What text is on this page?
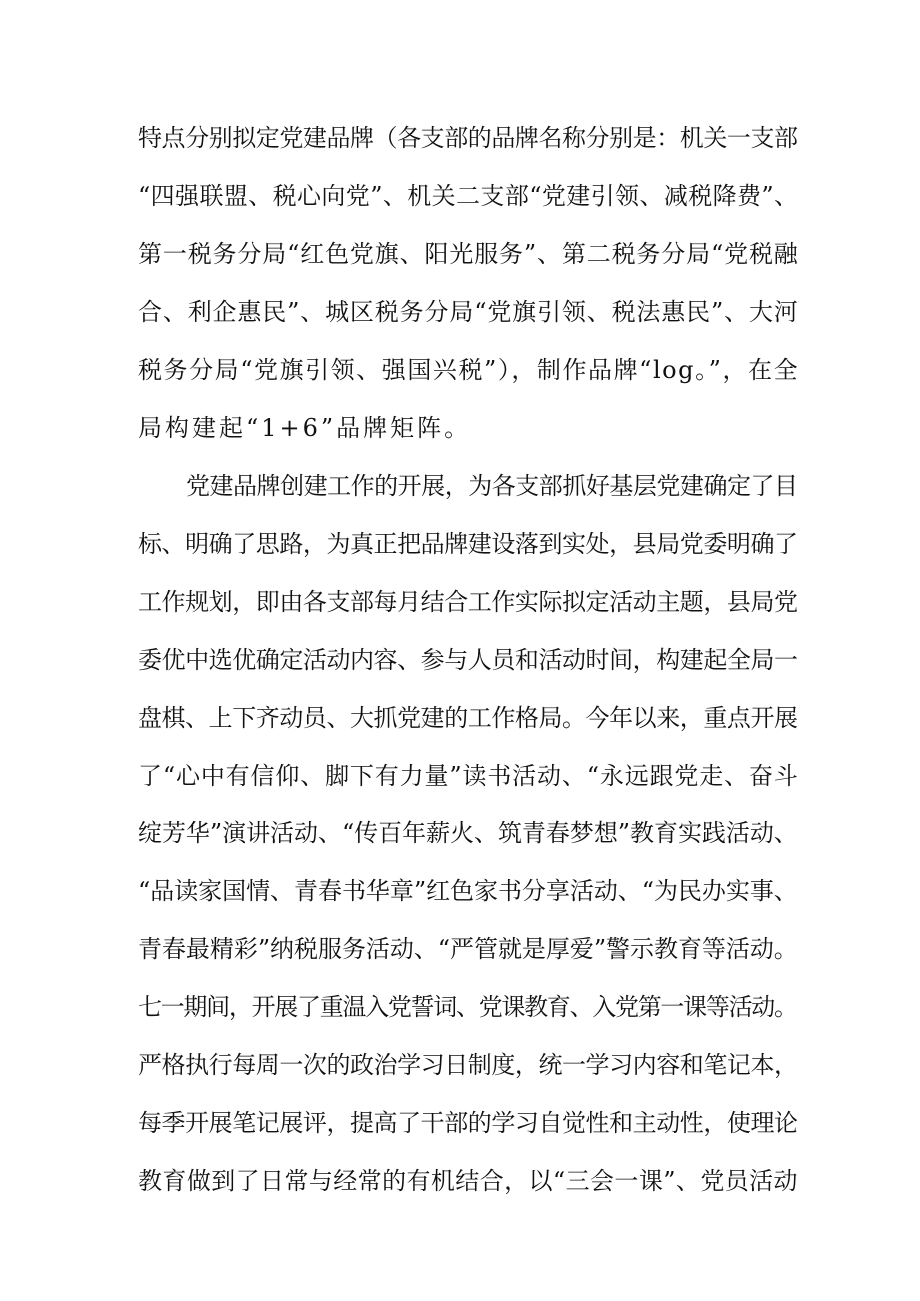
特点分别拟定党建品牌（各支部的品牌名称分别是：机关一支部
“四强联盟、税心向党”、机关二支部“党建引领、减税降费”、
第一税务分局“红色党旗、阳光服务”、第二税务分局“党税融
合、利企惠民”、城区税务分局“党旗引领、税法惠民”、大河
税务分局“党旗引领、强国兴税”），制作品牌“log。”，在全
局构建起“1+6”品牌矩阵。
党建品牌创建工作的开展，为各支部抓好基层党建确定了目
标、明确了思路，为真正把品牌建设落到实处，县局党委明确了
工作规划，即由各支部每月结合工作实际拟定活动主题，县局党
委优中选优确定活动内容、参与人员和活动时间，构建起全局一
盘棋、上下齐动员、大抓党建的工作格局。今年以来，重点开展
了“心中有信仰、脚下有力量”读书活动、“永远跟党走、奋斗
绽芳华”演讲活动、“传百年薪火、筑青春梦想”教育实践活动、
“品读家国情、青春书华章”红色家书分享活动、“为民办实事、
青春最精彩”纳税服务活动、“严管就是厚爱”警示教育等活动。
七一期间，开展了重温入党誓词、党课教育、入党第一课等活动。
严格执行每周一次的政治学习日制度，统一学习内容和笔记本，
每季开展笔记展评，提高了干部的学习自觉性和主动性，使理论
教育做到了日常与经常的有机结合，以“三会一课”、党员活动
